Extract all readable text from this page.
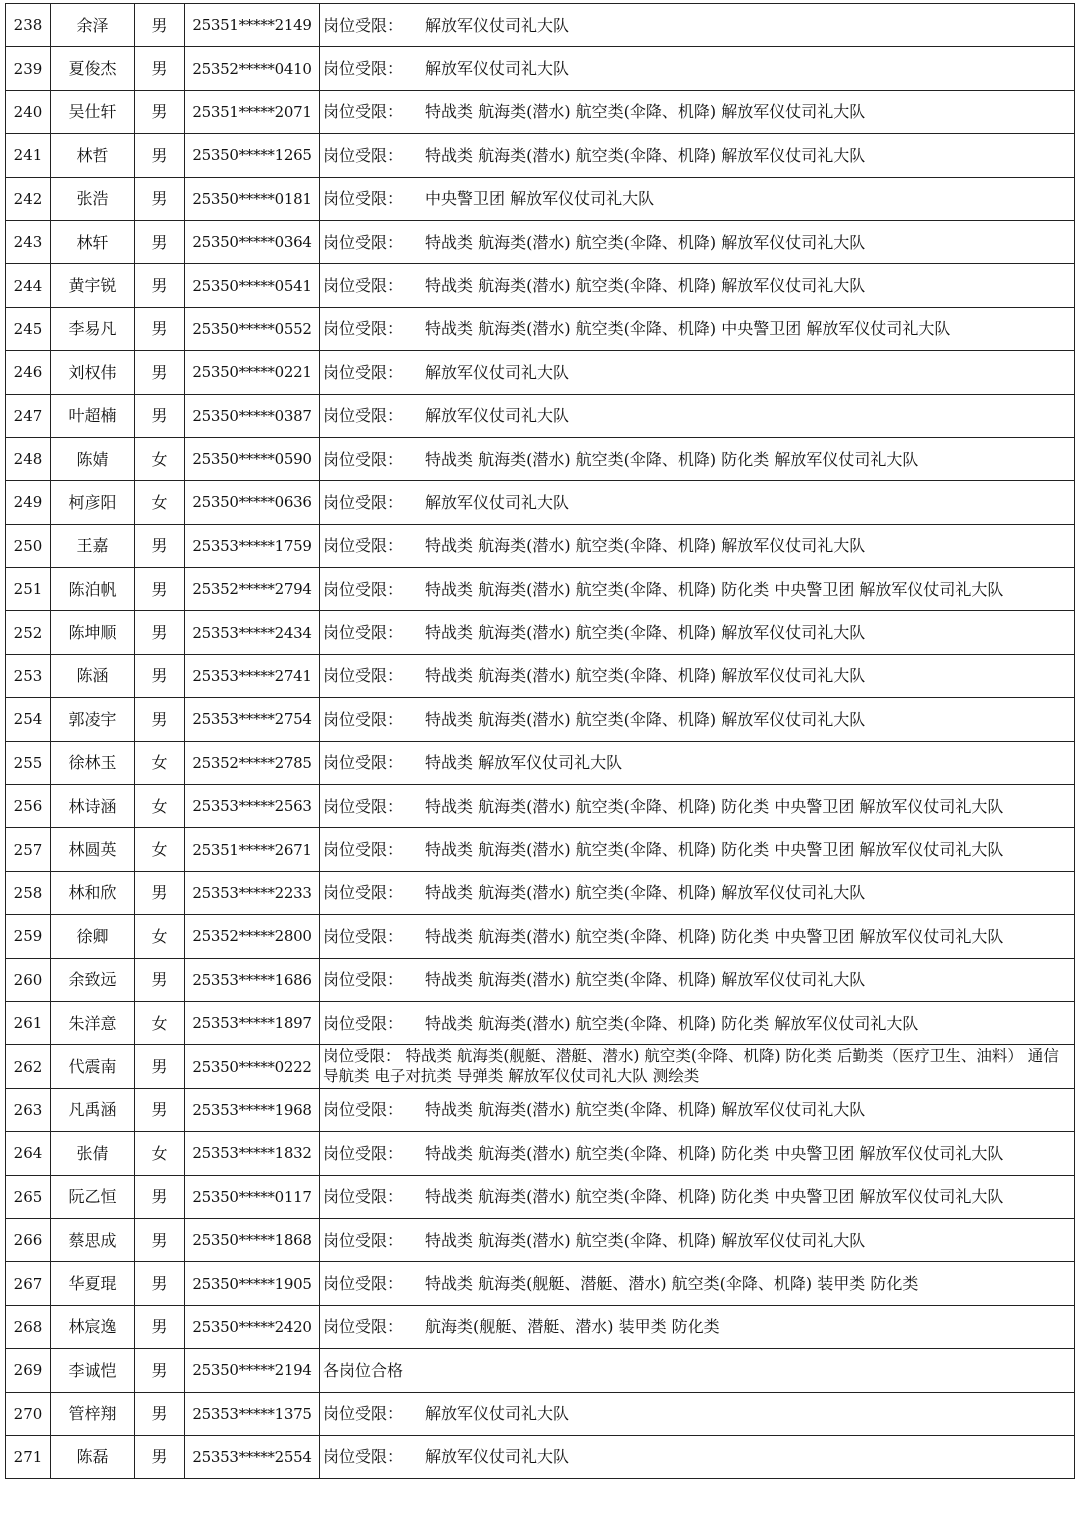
238	余泽	男	25351*****2149	岗位受限： 解放军仪仗司礼大队
239	夏俊杰	男	25352*****0410	岗位受限： 解放军仪仗司礼大队
240	吴仕轩	男	25351*****2071	岗位受限： 特战类 航海类(潜水) 航空类(伞降、机降) 解放军仪仗司礼大队
241	林哲	男	25350*****1265	岗位受限： 特战类 航海类(潜水) 航空类(伞降、机降) 解放军仪仗司礼大队
242	张浩	男	25350*****0181	岗位受限： 中央警卫团 解放军仪仗司礼大队
243	林轩	男	25350*****0364	岗位受限： 特战类 航海类(潜水) 航空类(伞降、机降) 解放军仪仗司礼大队
244	黄宇锐	男	25350*****0541	岗位受限： 特战类 航海类(潜水) 航空类(伞降、机降) 解放军仪仗司礼大队
245	李易凡	男	25350*****0552	岗位受限： 特战类 航海类(潜水) 航空类(伞降、机降) 中央警卫团 解放军仪仗司礼大队
246	刘权伟	男	25350*****0221	岗位受限： 解放军仪仗司礼大队
247	叶超楠	男	25350*****0387	岗位受限： 解放军仪仗司礼大队
248	陈婧	女	25350*****0590	岗位受限： 特战类 航海类(潜水) 航空类(伞降、机降) 防化类 解放军仪仗司礼大队
249	柯彦阳	女	25350*****0636	岗位受限： 解放军仪仗司礼大队
250	王嘉	男	25353*****1759	岗位受限： 特战类 航海类(潜水) 航空类(伞降、机降) 解放军仪仗司礼大队
251	陈泊帆	男	25352*****2794	岗位受限： 特战类 航海类(潜水) 航空类(伞降、机降) 防化类 中央警卫团 解放军仪仗司礼大队
252	陈坤顺	男	25353*****2434	岗位受限： 特战类 航海类(潜水) 航空类(伞降、机降) 解放军仪仗司礼大队
253	陈涵	男	25353*****2741	岗位受限： 特战类 航海类(潜水) 航空类(伞降、机降) 解放军仪仗司礼大队
254	郭凌宇	男	25353*****2754	岗位受限： 特战类 航海类(潜水) 航空类(伞降、机降) 解放军仪仗司礼大队
255	徐林玉	女	25352*****2785	岗位受限： 特战类 解放军仪仗司礼大队
256	林诗涵	女	25353*****2563	岗位受限： 特战类 航海类(潜水) 航空类(伞降、机降) 防化类 中央警卫团 解放军仪仗司礼大队
257	林圆英	女	25351*****2671	岗位受限： 特战类 航海类(潜水) 航空类(伞降、机降) 防化类 中央警卫团 解放军仪仗司礼大队
258	林和欣	男	25353*****2233	岗位受限： 特战类 航海类(潜水) 航空类(伞降、机降) 解放军仪仗司礼大队
259	徐卿	女	25352*****2800	岗位受限： 特战类 航海类(潜水) 航空类(伞降、机降) 防化类 中央警卫团 解放军仪仗司礼大队
260	余致远	男	25353*****1686	岗位受限： 特战类 航海类(潜水) 航空类(伞降、机降) 解放军仪仗司礼大队
261	朱洋意	女	25353*****1897	岗位受限： 特战类 航海类(潜水) 航空类(伞降、机降) 防化类 解放军仪仗司礼大队
262	代震南	男	25350*****0222	岗位受限： 特战类 航海类(舰艇、潜艇、潜水) 航空类(伞降、机降) 防化类 后勤类（医疗卫生、油料） 通信导航类 电子对抗类 导弹类 解放军仪仗司礼大队 测绘类
263	凡禹涵	男	25353*****1968	岗位受限： 特战类 航海类(潜水) 航空类(伞降、机降) 解放军仪仗司礼大队
264	张倩	女	25353*****1832	岗位受限： 特战类 航海类(潜水) 航空类(伞降、机降) 防化类 中央警卫团 解放军仪仗司礼大队
265	阮乙恒	男	25350*****0117	岗位受限： 特战类 航海类(潜水) 航空类(伞降、机降) 防化类 中央警卫团 解放军仪仗司礼大队
266	蔡思成	男	25350*****1868	岗位受限： 特战类 航海类(潜水) 航空类(伞降、机降) 解放军仪仗司礼大队
267	华夏琨	男	25350*****1905	岗位受限： 特战类 航海类(舰艇、潜艇、潜水) 航空类(伞降、机降) 装甲类 防化类
268	林宸逸	男	25350*****2420	岗位受限： 航海类(舰艇、潜艇、潜水) 装甲类 防化类
269	李诚恺	男	25350*****2194	各岗位合格
270	管梓翔	男	25353*****1375	岗位受限： 解放军仪仗司礼大队
271	陈磊	男	25353*****2554	岗位受限： 解放军仪仗司礼大队
